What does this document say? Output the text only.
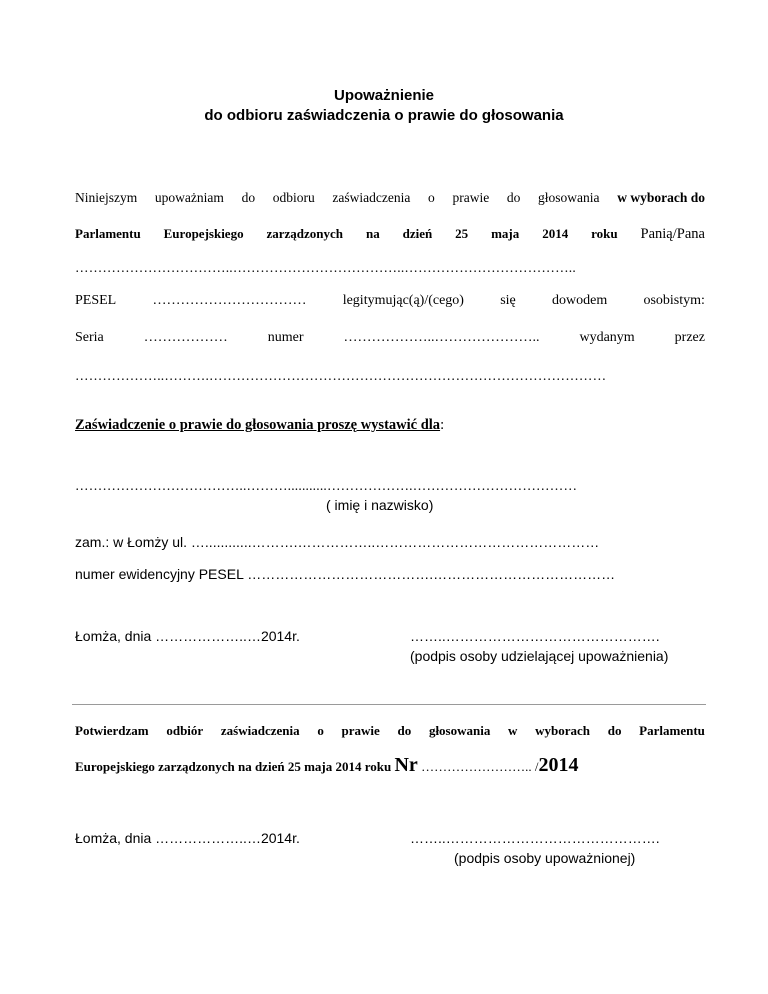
Upoważnienie
do odbioru zaświadczenia o prawie do głosowania
Niniejszym upoważniam do odbioru zaświadczenia o prawie do głosowania w wyborach do
Parlamentu Europejskiego zarządzonych na dzień 25 maja 2014 roku Panią/Pana
……………………………..………………………………..………………………………..
PESEL	……………………………	legitymując(ą)/(cego)	się	dowodem	osobistym:
Seria	………………	numer	………………..…………………..	wydanym	przez
………………..……….……………………………………………………………………………
Zaświadczenie o prawie do głosowania proszę wystawić dla:
………………………………..………...........……………….………………………………
( imię i nazwisko)
zam.: w Łomży ul. …............……….……………..…………………………………………
numer ewidencyjny PESEL ………………………………….…………………………………
Łomża, dnia ………………..…2014r.	……..……………………………………….
(podpis osoby udzielającej upoważnienia)
Potwierdzam odbiór zaświadczenia o prawie do głosowania w wyborach do Parlamentu
Europejskiego zarządzonych na dzień 25 maja 2014 roku Nr …………………….. /2014
Łomża, dnia ………………..…2014r.	……..……………………………………….
(podpis osoby upoważnionej)
